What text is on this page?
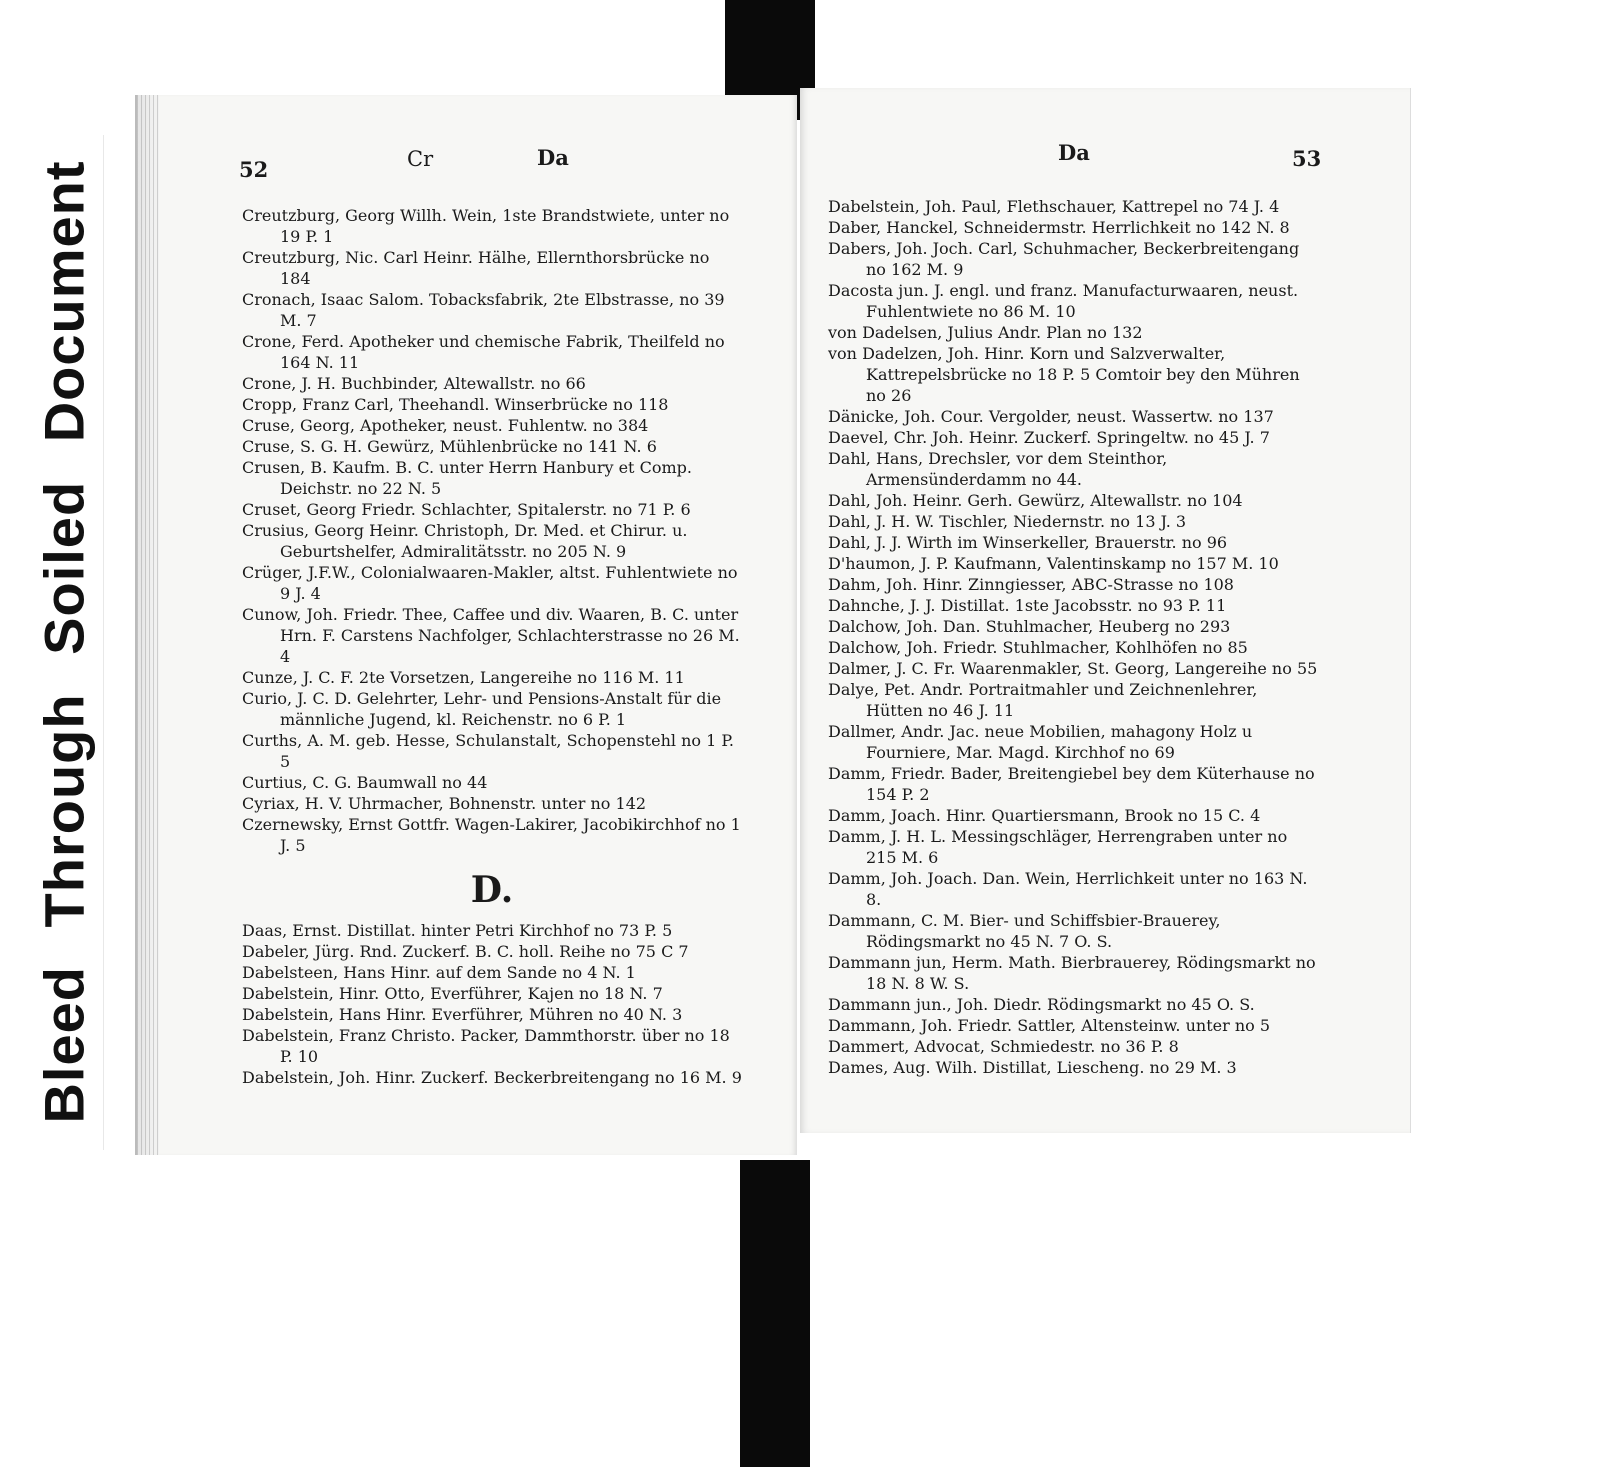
Bleed Through Soiled Document	52	Cr	Da

Creutzburg, Georg Willh. Wein, 1ste Brandstwiete, unter no 19 P. 1

Creutzburg, Nic. Carl Heinr. Hälhe, Ellernthorsbrücke no 184

Cronach, Isaac Salom. Tobacksfabrik, 2te Elbstrasse, no 39 M. 7

Crone, Ferd. Apotheker und chemische Fabrik, Theilfeld no 164 N. 11

Crone, J. H. Buchbinder, Altewallstr. no 66

Cropp, Franz Carl, Theehandl. Winserbrücke no 118

Cruse, Georg, Apotheker, neust. Fuhlentw. no 384

Cruse, S. G. H. Gewürz, Mühlenbrücke no 141 N. 6

Crusen, B. Kaufm. B. C. unter Herrn Hanbury et Comp. Deichstr. no 22 N. 5

Cruset, Georg Friedr. Schlachter, Spitalerstr. no 71 P. 6

Crusius, Georg Heinr. Christoph, Dr. Med. et Chirur. u. Geburtshelfer, Admiralitätsstr. no 205 N. 9

Crüger, J.F.W., Colonialwaaren-Makler, altst. Fuhlentwiete no 9 J. 4

Cunow, Joh. Friedr. Thee, Caffee und div. Waaren, B. C. unter Hrn. F. Carstens Nachfolger, Schlachterstrasse no 26 M. 4

Cunze, J. C. F. 2te Vorsetzen, Langereihe no 116 M. 11

Curio, J. C. D. Gelehrter, Lehr- und Pensions-Anstalt für die männliche Jugend, kl. Reichenstr. no 6 P. 1

Curths, A. M. geb. Hesse, Schulanstalt, Schopenstehl no 1 P. 5

Curtius, C. G. Baumwall no 44

Cyriax, H. V. Uhrmacher, Bohnenstr. unter no 142

Czernewsky, Ernst Gottfr. Wagen-Lakirer, Jacobikirchhof no 1 J. 5

D.

Daas, Ernst. Distillat. hinter Petri Kirchhof no 73 P. 5

Dabeler, Jürg. Rnd. Zuckerf. B. C. holl. Reihe no 75 C 7

Dabelsteen, Hans Hinr. auf dem Sande no 4 N. 1

Dabelstein, Hinr. Otto, Everführer, Kajen no 18 N. 7

Dabelstein, Hans Hinr. Everführer, Mühren no 40 N. 3

Dabelstein, Franz Christo. Packer, Dammthorstr. über no 18 P. 10

Dabelstein, Joh. Hinr. Zuckerf. Beckerbreitengang no 16 M. 9

Da	53

Dabelstein, Joh. Paul, Flethschauer, Kattrepel no 74 J. 4

Daber, Hanckel, Schneidermstr. Herrlichkeit no 142 N. 8

Dabers, Joh. Joch. Carl, Schuhmacher, Beckerbreitengang no 162 M. 9

Dacosta jun. J. engl. und franz. Manufacturwaaren, neust. Fuhlentwiete no 86 M. 10

von Dadelsen, Julius Andr. Plan no 132

von Dadelzen, Joh. Hinr. Korn und Salzverwalter, Kattrepelsbrücke no 18 P. 5 Comtoir bey den Mühren no 26

Dänicke, Joh. Cour. Vergolder, neust. Wassertw. no 137

Daevel, Chr. Joh. Heinr. Zuckerf. Springeltw. no 45 J. 7

Dahl, Hans, Drechsler, vor dem Steinthor, Armensünderdamm no 44.

Dahl, Joh. Heinr. Gerh. Gewürz, Altewallstr. no 104

Dahl, J. H. W. Tischler, Niedernstr. no 13 J. 3

Dahl, J. J. Wirth im Winserkeller, Brauerstr. no 96

D'haumon, J. P. Kaufmann, Valentinskamp no 157 M. 10

Dahm, Joh. Hinr. Zinngiesser, ABC-Strasse no 108

Dahnche, J. J. Distillat. 1ste Jacobsstr. no 93 P. 11

Dalchow, Joh. Dan. Stuhlmacher, Heuberg no 293

Dalchow, Joh. Friedr. Stuhlmacher, Kohlhöfen no 85

Dalmer, J. C. Fr. Waarenmakler, St. Georg, Langereihe no 55

Dalye, Pet. Andr. Portraitmahler und Zeichnenlehrer, Hütten no 46 J. 11

Dallmer, Andr. Jac. neue Mobilien, mahagony Holz u Fourniere, Mar. Magd. Kirchhof no 69

Damm, Friedr. Bader, Breitengiebel bey dem Küterhause no 154 P. 2

Damm, Joach. Hinr. Quartiersmann, Brook no 15 C. 4

Damm, J. H. L. Messingschläger, Herrengraben unter no 215 M. 6

Damm, Joh. Joach. Dan. Wein, Herrlichkeit unter no 163 N. 8.

Dammann, C. M. Bier- und Schiffsbier-Brauerey, Rödingsmarkt no 45 N. 7 O. S.

Dammann jun, Herm. Math. Bierbrauerey, Rödingsmarkt no 18 N. 8 W. S.

Dammann jun., Joh. Diedr. Rödingsmarkt no 45 O. S.

Dammann, Joh. Friedr. Sattler, Altensteinw. unter no 5

Dammert, Advocat, Schmiedestr. no 36 P. 8

Dames, Aug. Wilh. Distillat, Liescheng. no 29 M. 3
